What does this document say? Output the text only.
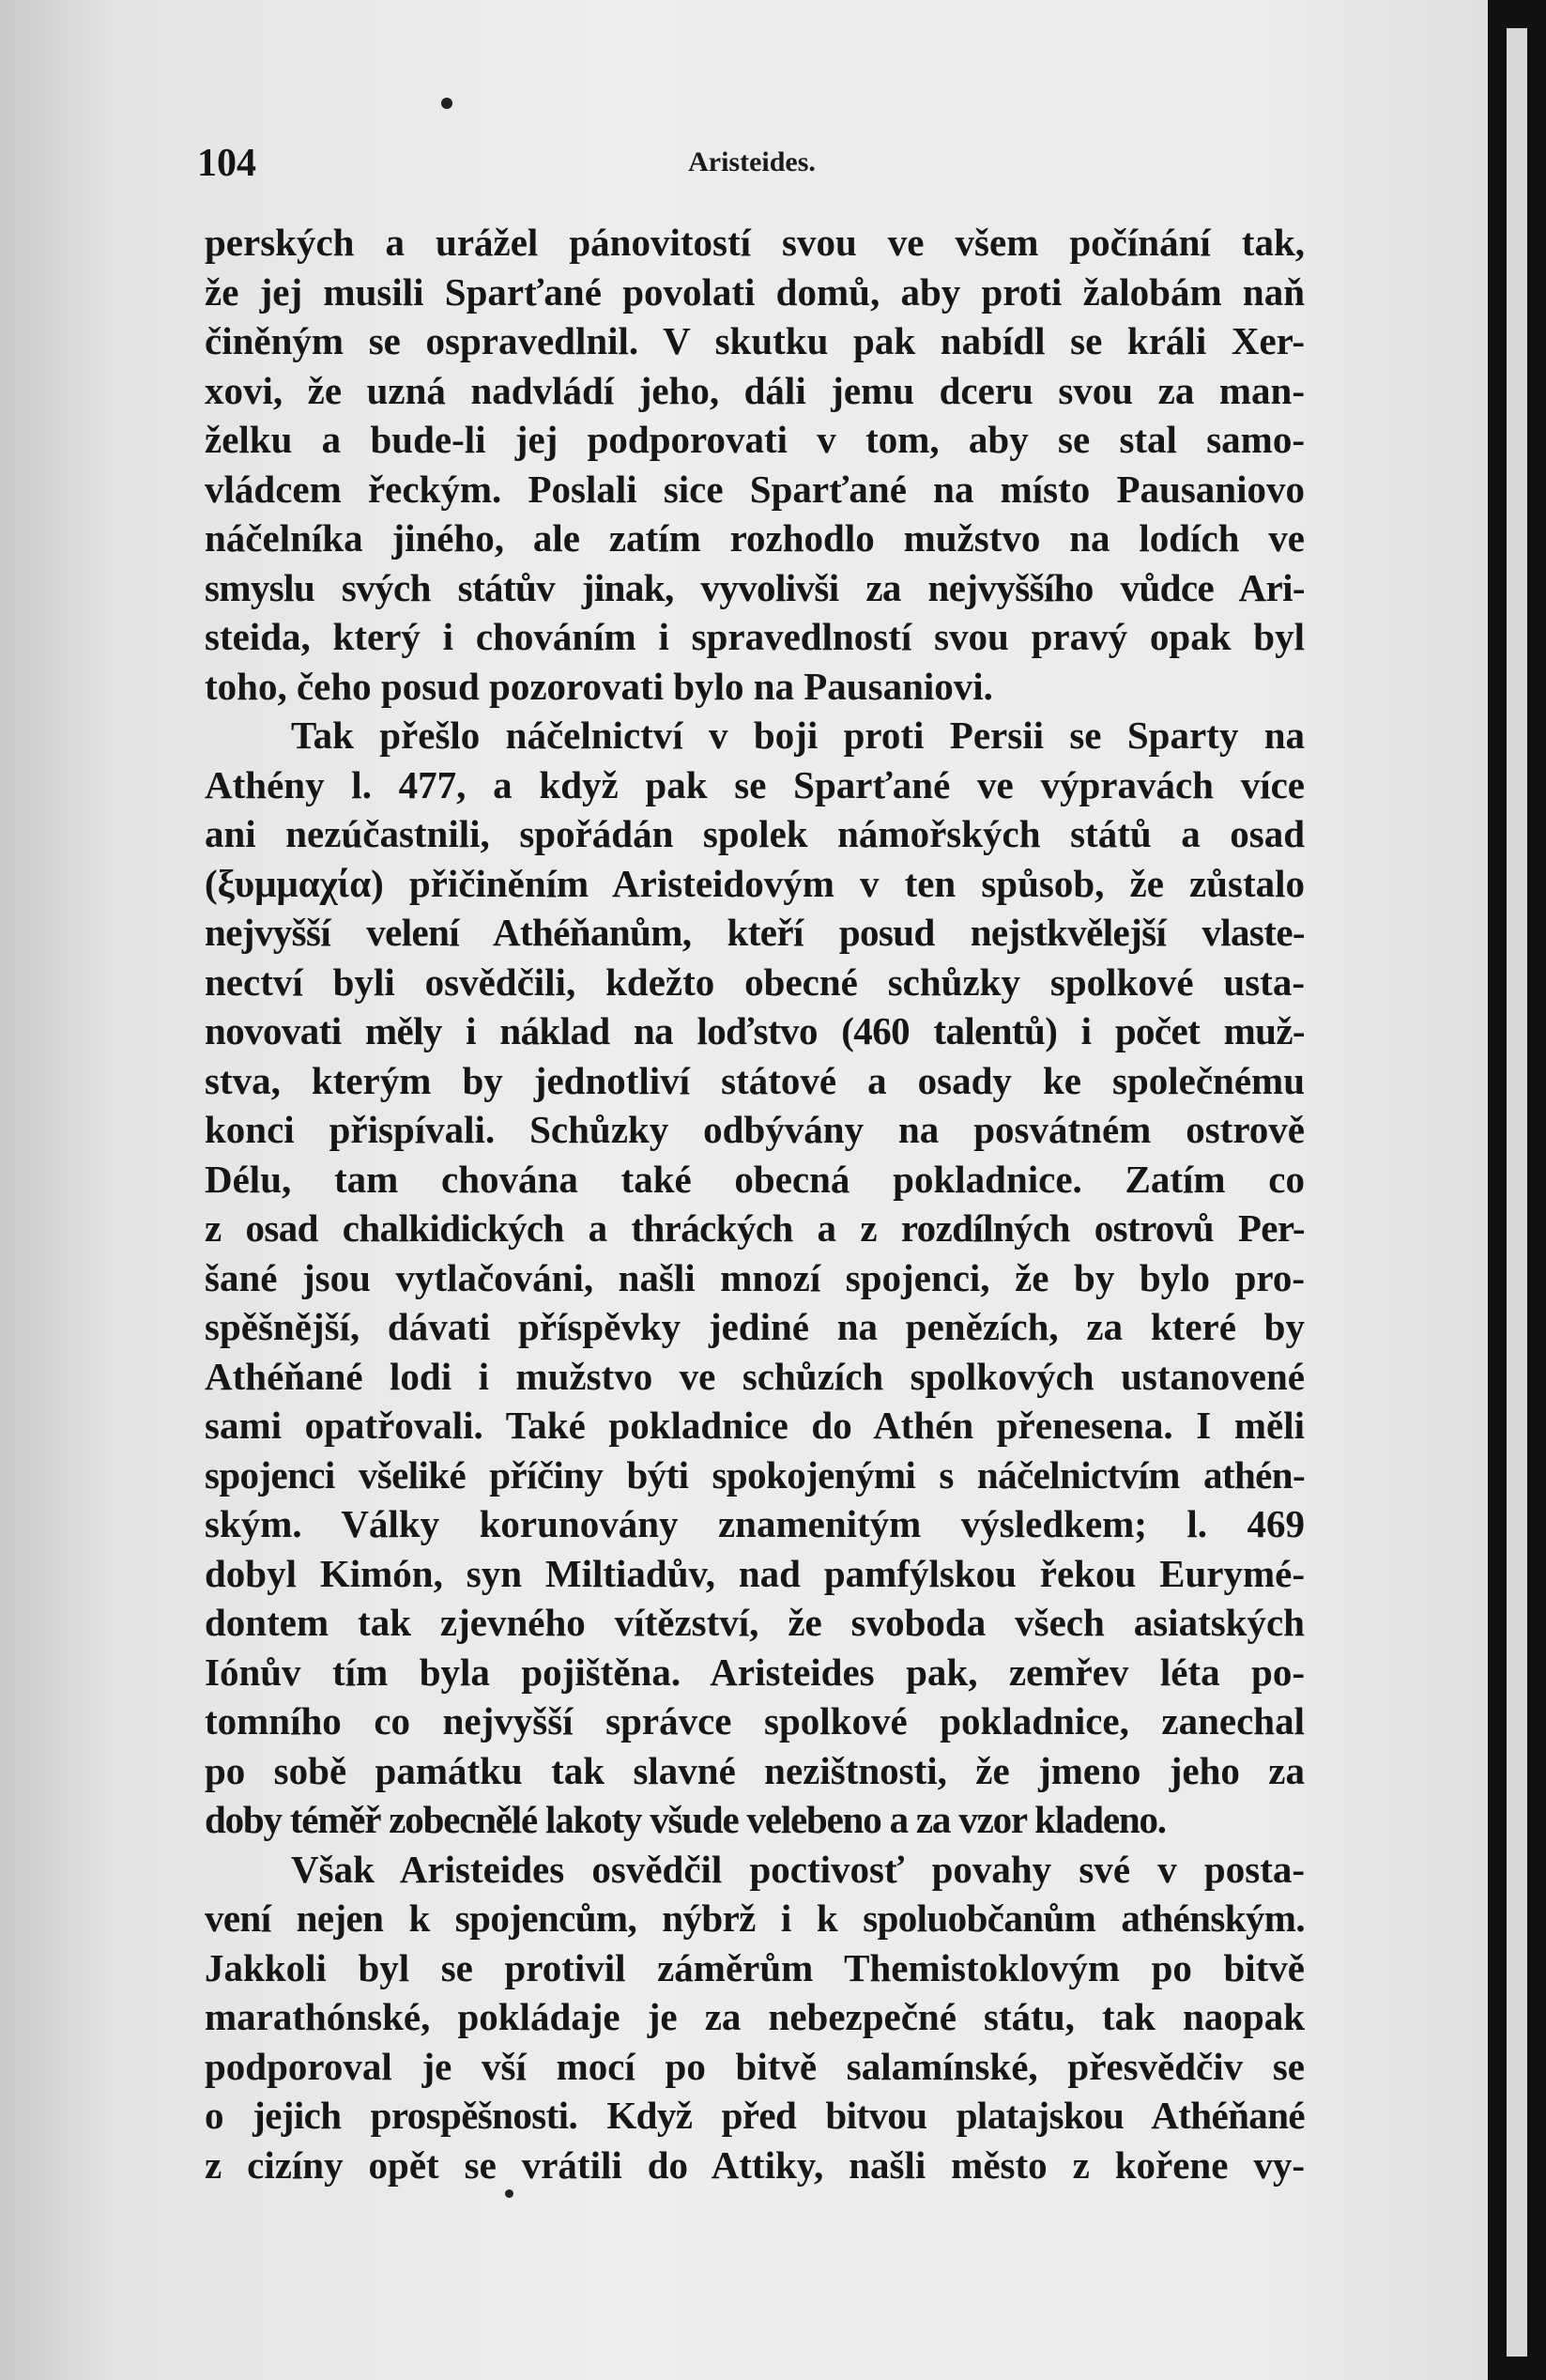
104	Aristeides.
perských a urážel pánovitostí svou ve všem počínání tak,
že jej musili Sparťané povolati domů, aby proti žalobám naň
činěným se ospravedlnil. V skutku pak nabídl se králi Xer-
xovi, že uzná nadvládí jeho, dáli jemu dceru svou za man-
želku a bude-li jej podporovati v tom, aby se stal samo-
vládcem řeckým. Poslali sice Sparťané na místo Pausaniovo
náčelníka jiného, ale zatím rozhodlo mužstvo na lodích ve
smyslu svých státův jinak, vyvolivši za nejvyššího vůdce Ari-
steida, který i chováním i spravedlností svou pravý opak byl
toho, čeho posud pozorovati bylo na Pausaniovi.
Tak přešlo náčelnictví v boji proti Persii se Sparty na
Athény l. 477, a když pak se Sparťané ve výpravách více
ani nezúčastnili, spořádán spolek námořských států a osad
(ξυμμαχία) přičiněním Aristeidovým v ten spůsob, že zůstalo
nejvyšší velení Athéňanům, kteří posud nejstkvělejší vlaste-
nectví byli osvědčili, kdežto obecné schůzky spolkové usta-
novovati měly i náklad na loďstvo (460 talentů) i počet muž-
stva, kterým by jednotliví státové a osady ke společnému
konci přispívali. Schůzky odbývány na posvátném ostrově
Délu, tam chována také obecná pokladnice. Zatím co
z osad chalkidických a thráckých a z rozdílných ostrovů Per-
šané jsou vytlačováni, našli mnozí spojenci, že by bylo pro-
spěšnější, dávati příspěvky jediné na penězích, za které by
Athéňané lodi i mužstvo ve schůzích spolkových ustanovené
sami opatřovali. Také pokladnice do Athén přenesena. I měli
spojenci všeliké příčiny býti spokojenými s náčelnictvím athén-
ským. Války korunovány znamenitým výsledkem; l. 469
dobyl Kimón, syn Miltiadův, nad pamfýlskou řekou Eurymé-
dontem tak zjevného vítězství, že svoboda všech asiatských
Iónův tím byla pojištěna. Aristeides pak, zemřev léta po-
tomního co nejvyšší správce spolkové pokladnice, zanechal
po sobě památku tak slavné nezištnosti, že jmeno jeho za
doby téměř zobecnělé lakoty všude velebeno a za vzor kladeno.
Však Aristeides osvědčil poctivosť povahy své v posta-
vení nejen k spojencům, nýbrž i k spoluobčanům athénským.
Jakkoli byl se protivil záměrům Themistoklovým po bitvě
marathónské, pokládaje je za nebezpečné státu, tak naopak
podporoval je vší mocí po bitvě salamínské, přesvědčiv se
o jejich prospěšnosti. Když před bitvou platajskou Athéňané
z cizíny opět se vrátili do Attiky, našli město z kořene vy-
